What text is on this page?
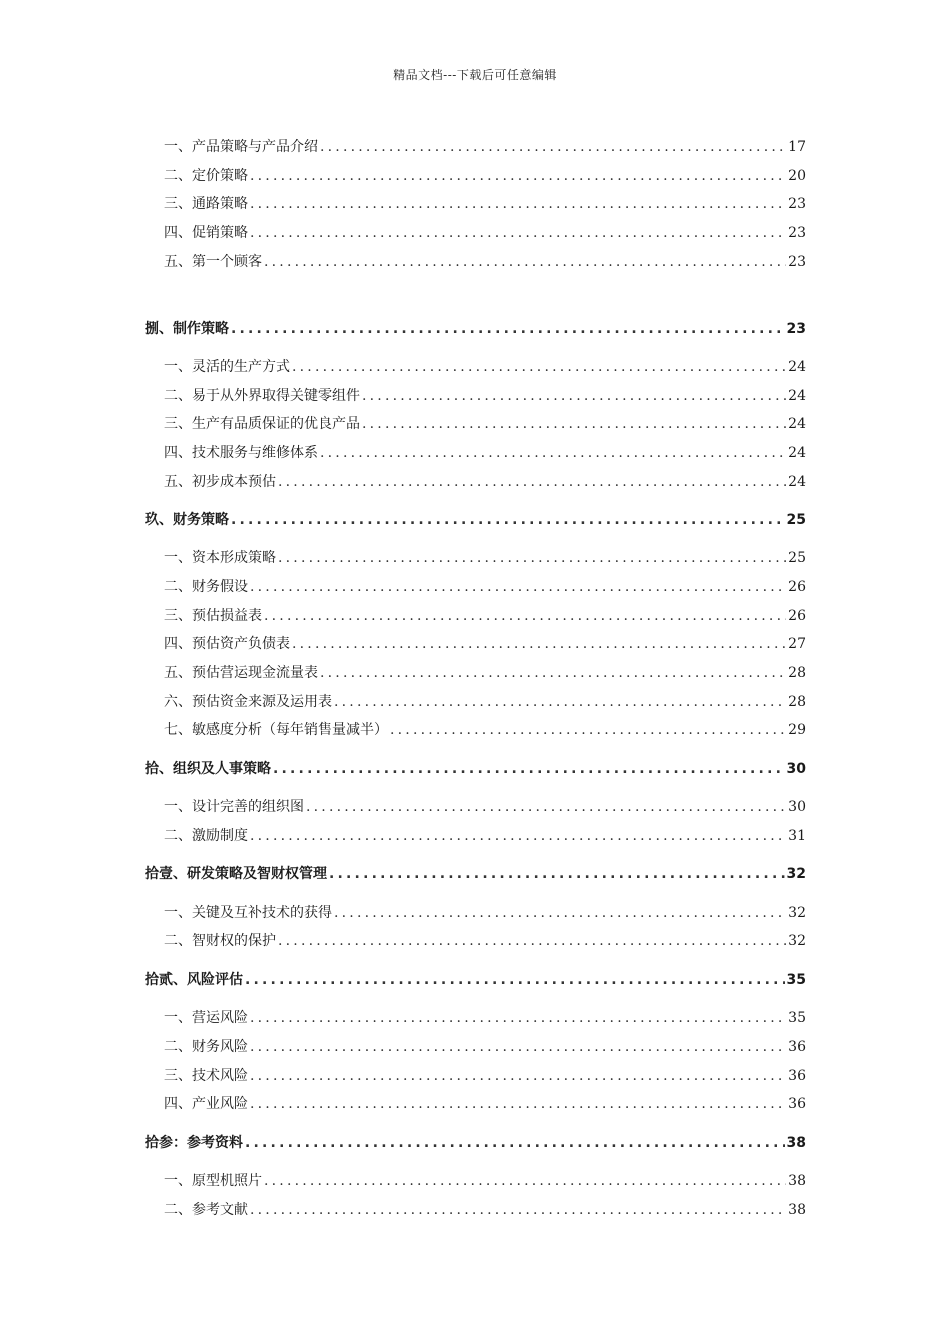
精品文档---下载后可任意编辑
一、产品策略与产品介绍 .....	17
二、定价策略 .....	20
三、通路策略 .....	23
四、促销策略 .....	23
五、第一个顾客 .....	23
捌、制作策略 .....	23
一、灵活的生产方式 .....	24
二、易于从外界取得关键零组件 .....	24
三、生产有品质保证的优良产品 .....	24
四、技术服务与维修体系 .....	24
五、初步成本预估 .....	24
玖、财务策略 .....	25
一、资本形成策略 .....	25
二、财务假设 .....	26
三、预估损益表 .....	26
四、预估资产负债表 .....	27
五、预估营运现金流量表 .....	28
六、预估资金来源及运用表 .....	28
七、敏感度分析（每年销售量减半） .....	29
拾、组织及人事策略 .....	30
一、设计完善的组织图 .....	30
二、激励制度 .....	31
拾壹、研发策略及智财权管理 .....	32
一、关键及互补技术的获得 .....	32
二、智财权的保护 .....	32
拾贰、风险评估 .....	35
一、营运风险 .....	35
二、财务风险 .....	36
三、技术风险 .....	36
四、产业风险 .....	36
拾参：参考资料 .....	38
一、原型机照片 .....	38
二、参考文献 .....	38
